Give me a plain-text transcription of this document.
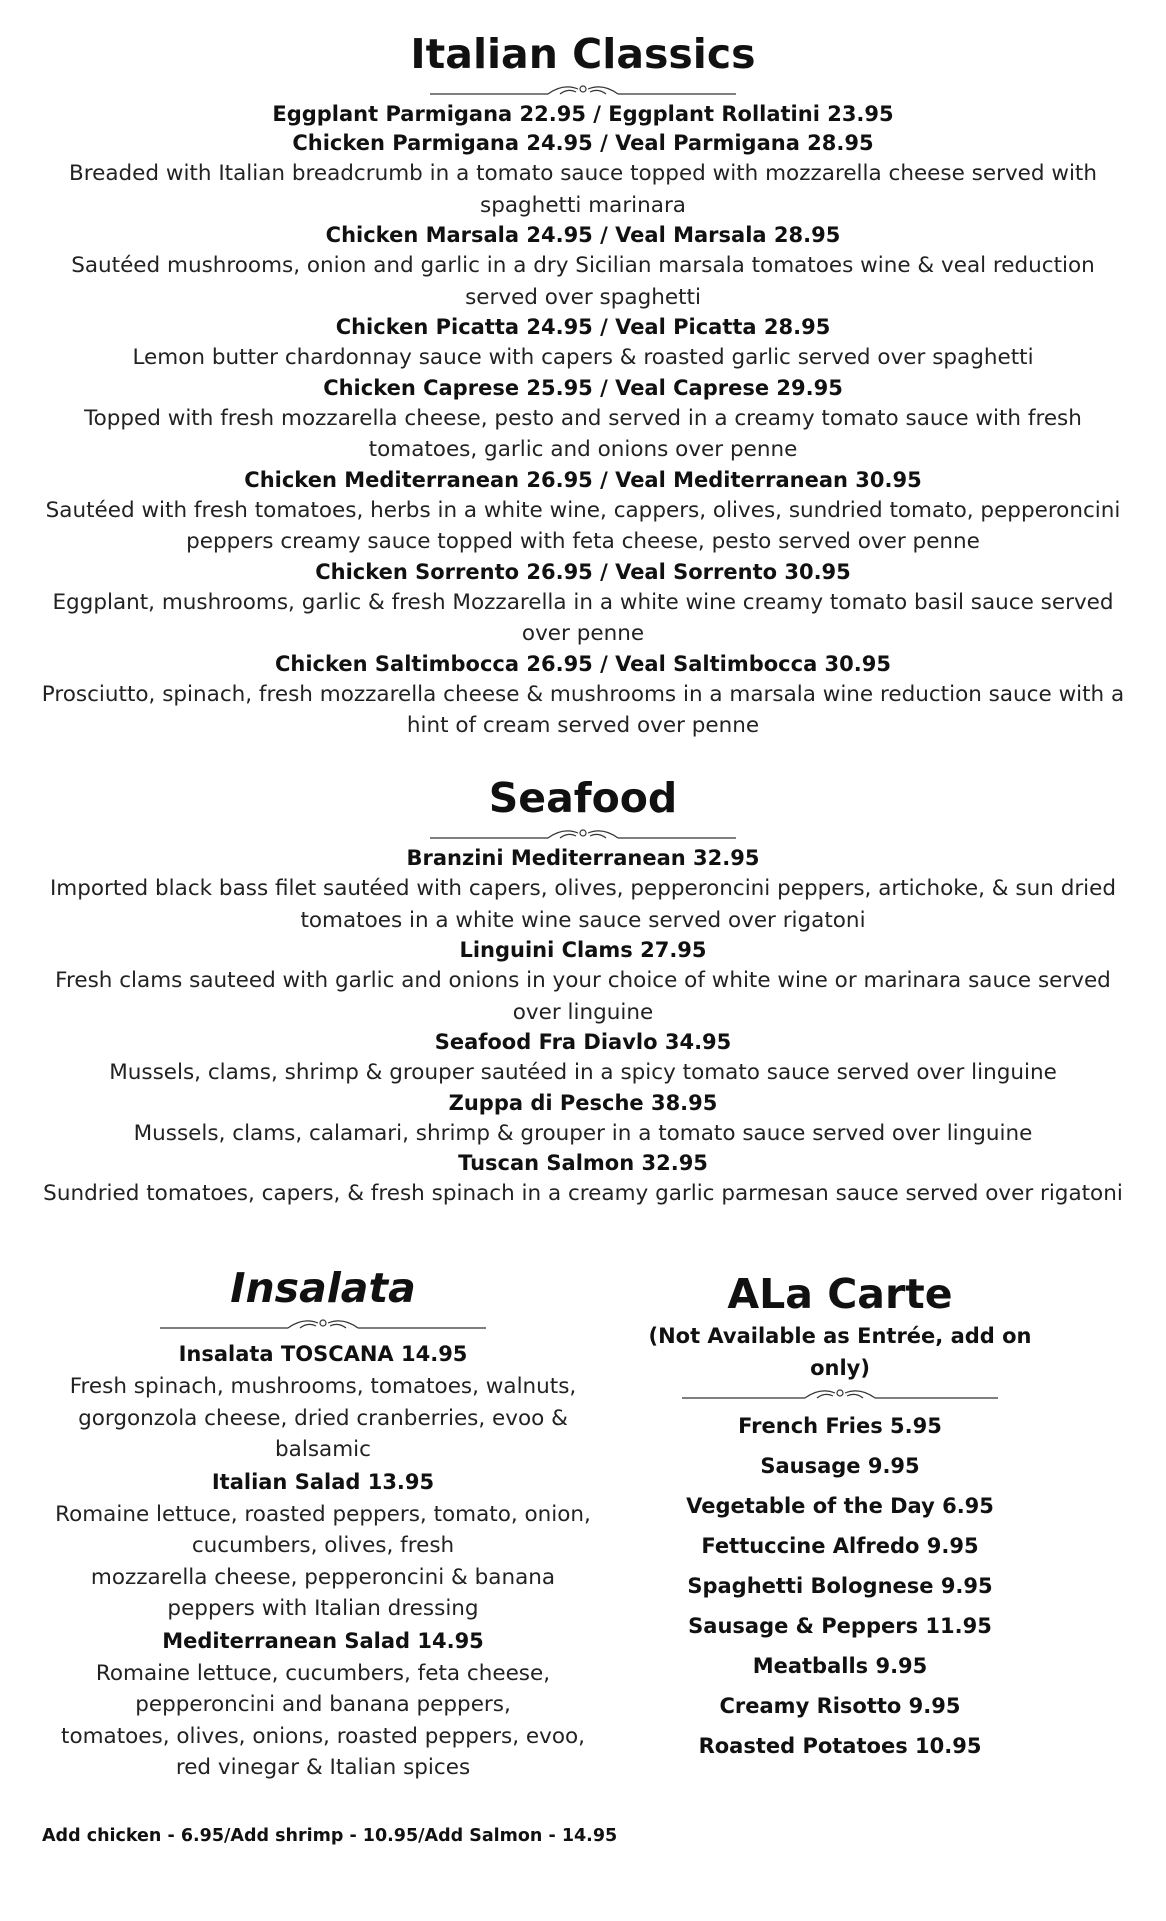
Italian Classics
Eggplant Parmigana 22.95 / Eggplant Rollatini 23.95
Chicken Parmigana 24.95 / Veal Parmigana 28.95
Breaded with Italian breadcrumb in a tomato sauce topped with mozzarella cheese served with spaghetti marinara
Chicken Marsala 24.95 / Veal Marsala 28.95
Sautéed mushrooms, onion and garlic in a dry Sicilian marsala tomatoes wine & veal reduction served over spaghetti
Chicken Picatta 24.95 / Veal Picatta 28.95
Lemon butter chardonnay sauce with capers & roasted garlic served over spaghetti
Chicken Caprese 25.95 / Veal Caprese 29.95
Topped with fresh mozzarella cheese, pesto and served in a creamy tomato sauce with fresh tomatoes, garlic and onions over penne
Chicken Mediterranean 26.95 / Veal Mediterranean 30.95
Sautéed with fresh tomatoes, herbs in a white wine, cappers, olives, sundried tomato, pepperoncini peppers creamy sauce topped with feta cheese, pesto served over penne
Chicken Sorrento 26.95 / Veal Sorrento 30.95
Eggplant, mushrooms, garlic & fresh Mozzarella in a white wine creamy tomato basil sauce served over penne
Chicken Saltimbocca 26.95 / Veal Saltimbocca 30.95
Prosciutto, spinach, fresh mozzarella cheese & mushrooms in a marsala wine reduction sauce with a hint of cream served over penne
Seafood
Branzini Mediterranean 32.95
Imported black bass filet sautéed with capers, olives, pepperoncini peppers, artichoke, & sun dried tomatoes in a white wine sauce served over rigatoni
Linguini Clams 27.95
Fresh clams sauteed with garlic and onions in your choice of white wine or marinara sauce served over linguine
Seafood Fra Diavlo 34.95
Mussels, clams, shrimp & grouper sautéed in a spicy tomato sauce served over linguine
Zuppa di Pesche 38.95
Mussels, clams, calamari, shrimp & grouper in a tomato sauce served over linguine
Tuscan Salmon 32.95
Sundried tomatoes, capers, & fresh spinach in a creamy garlic parmesan sauce served over rigatoni
Insalata
Insalata TOSCANA 14.95
Fresh spinach, mushrooms, tomatoes, walnuts,
gorgonzola cheese, dried cranberries, evoo &
balsamic
Italian Salad 13.95
Romaine lettuce, roasted peppers, tomato, onion,
cucumbers, olives, fresh
mozzarella cheese, pepperoncini & banana
peppers with Italian dressing
Mediterranean Salad 14.95
Romaine lettuce, cucumbers, feta cheese,
pepperoncini and banana peppers,
tomatoes, olives, onions, roasted peppers, evoo,
red vinegar & Italian spices
ALa Carte
(Not Available as Entrée, add on only)
French Fries 5.95
Sausage 9.95
Vegetable of the Day 6.95
Fettuccine Alfredo 9.95
Spaghetti Bolognese 9.95
Sausage & Peppers 11.95
Meatballs 9.95
Creamy Risotto 9.95
Roasted Potatoes 10.95
Add chicken - 6.95/Add shrimp - 10.95/Add Salmon - 14.95
